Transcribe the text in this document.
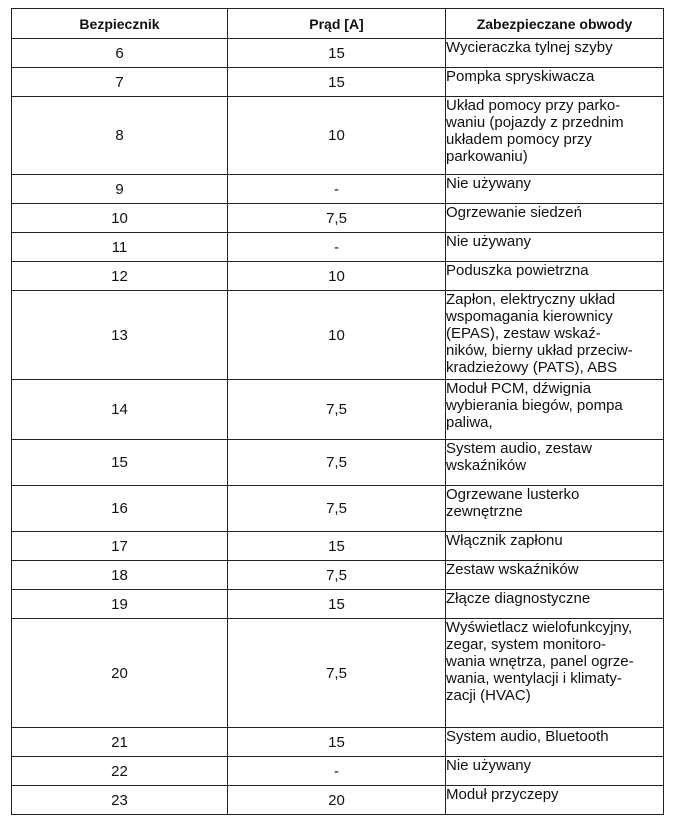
Bezpiecznik	Prąd [A]	Zabezpieczane obwody
6	15	Wycieraczka tylnej szyby
7	15	Pompka spryskiwacza
8	10	Układ pomocy przy parko-
waniu (pojazdy z przednim
układem pomocy przy
parkowaniu)
9	-	Nie używany
10	7,5	Ogrzewanie siedzeń
11	-	Nie używany
12	10	Poduszka powietrzna
13	10	Zapłon, elektryczny układ
wspomagania kierownicy
(EPAS), zestaw wskaź-
ników, bierny układ przeciw-
kradzieżowy (PATS), ABS
14	7,5	Moduł PCM, dźwignia
wybierania biegów, pompa
paliwa,
15	7,5	System audio, zestaw
wskaźników
16	7,5	Ogrzewane lusterko
zewnętrzne
17	15	Włącznik zapłonu
18	7,5	Zestaw wskaźników
19	15	Złącze diagnostyczne
20	7,5	Wyświetlacz wielofunkcyjny,
zegar, system monitoro-
wania wnętrza, panel ogrze-
wania, wentylacji i klimaty-
zacji (HVAC)
21	15	System audio, Bluetooth
22	-	Nie używany
23	20	Moduł przyczepy
